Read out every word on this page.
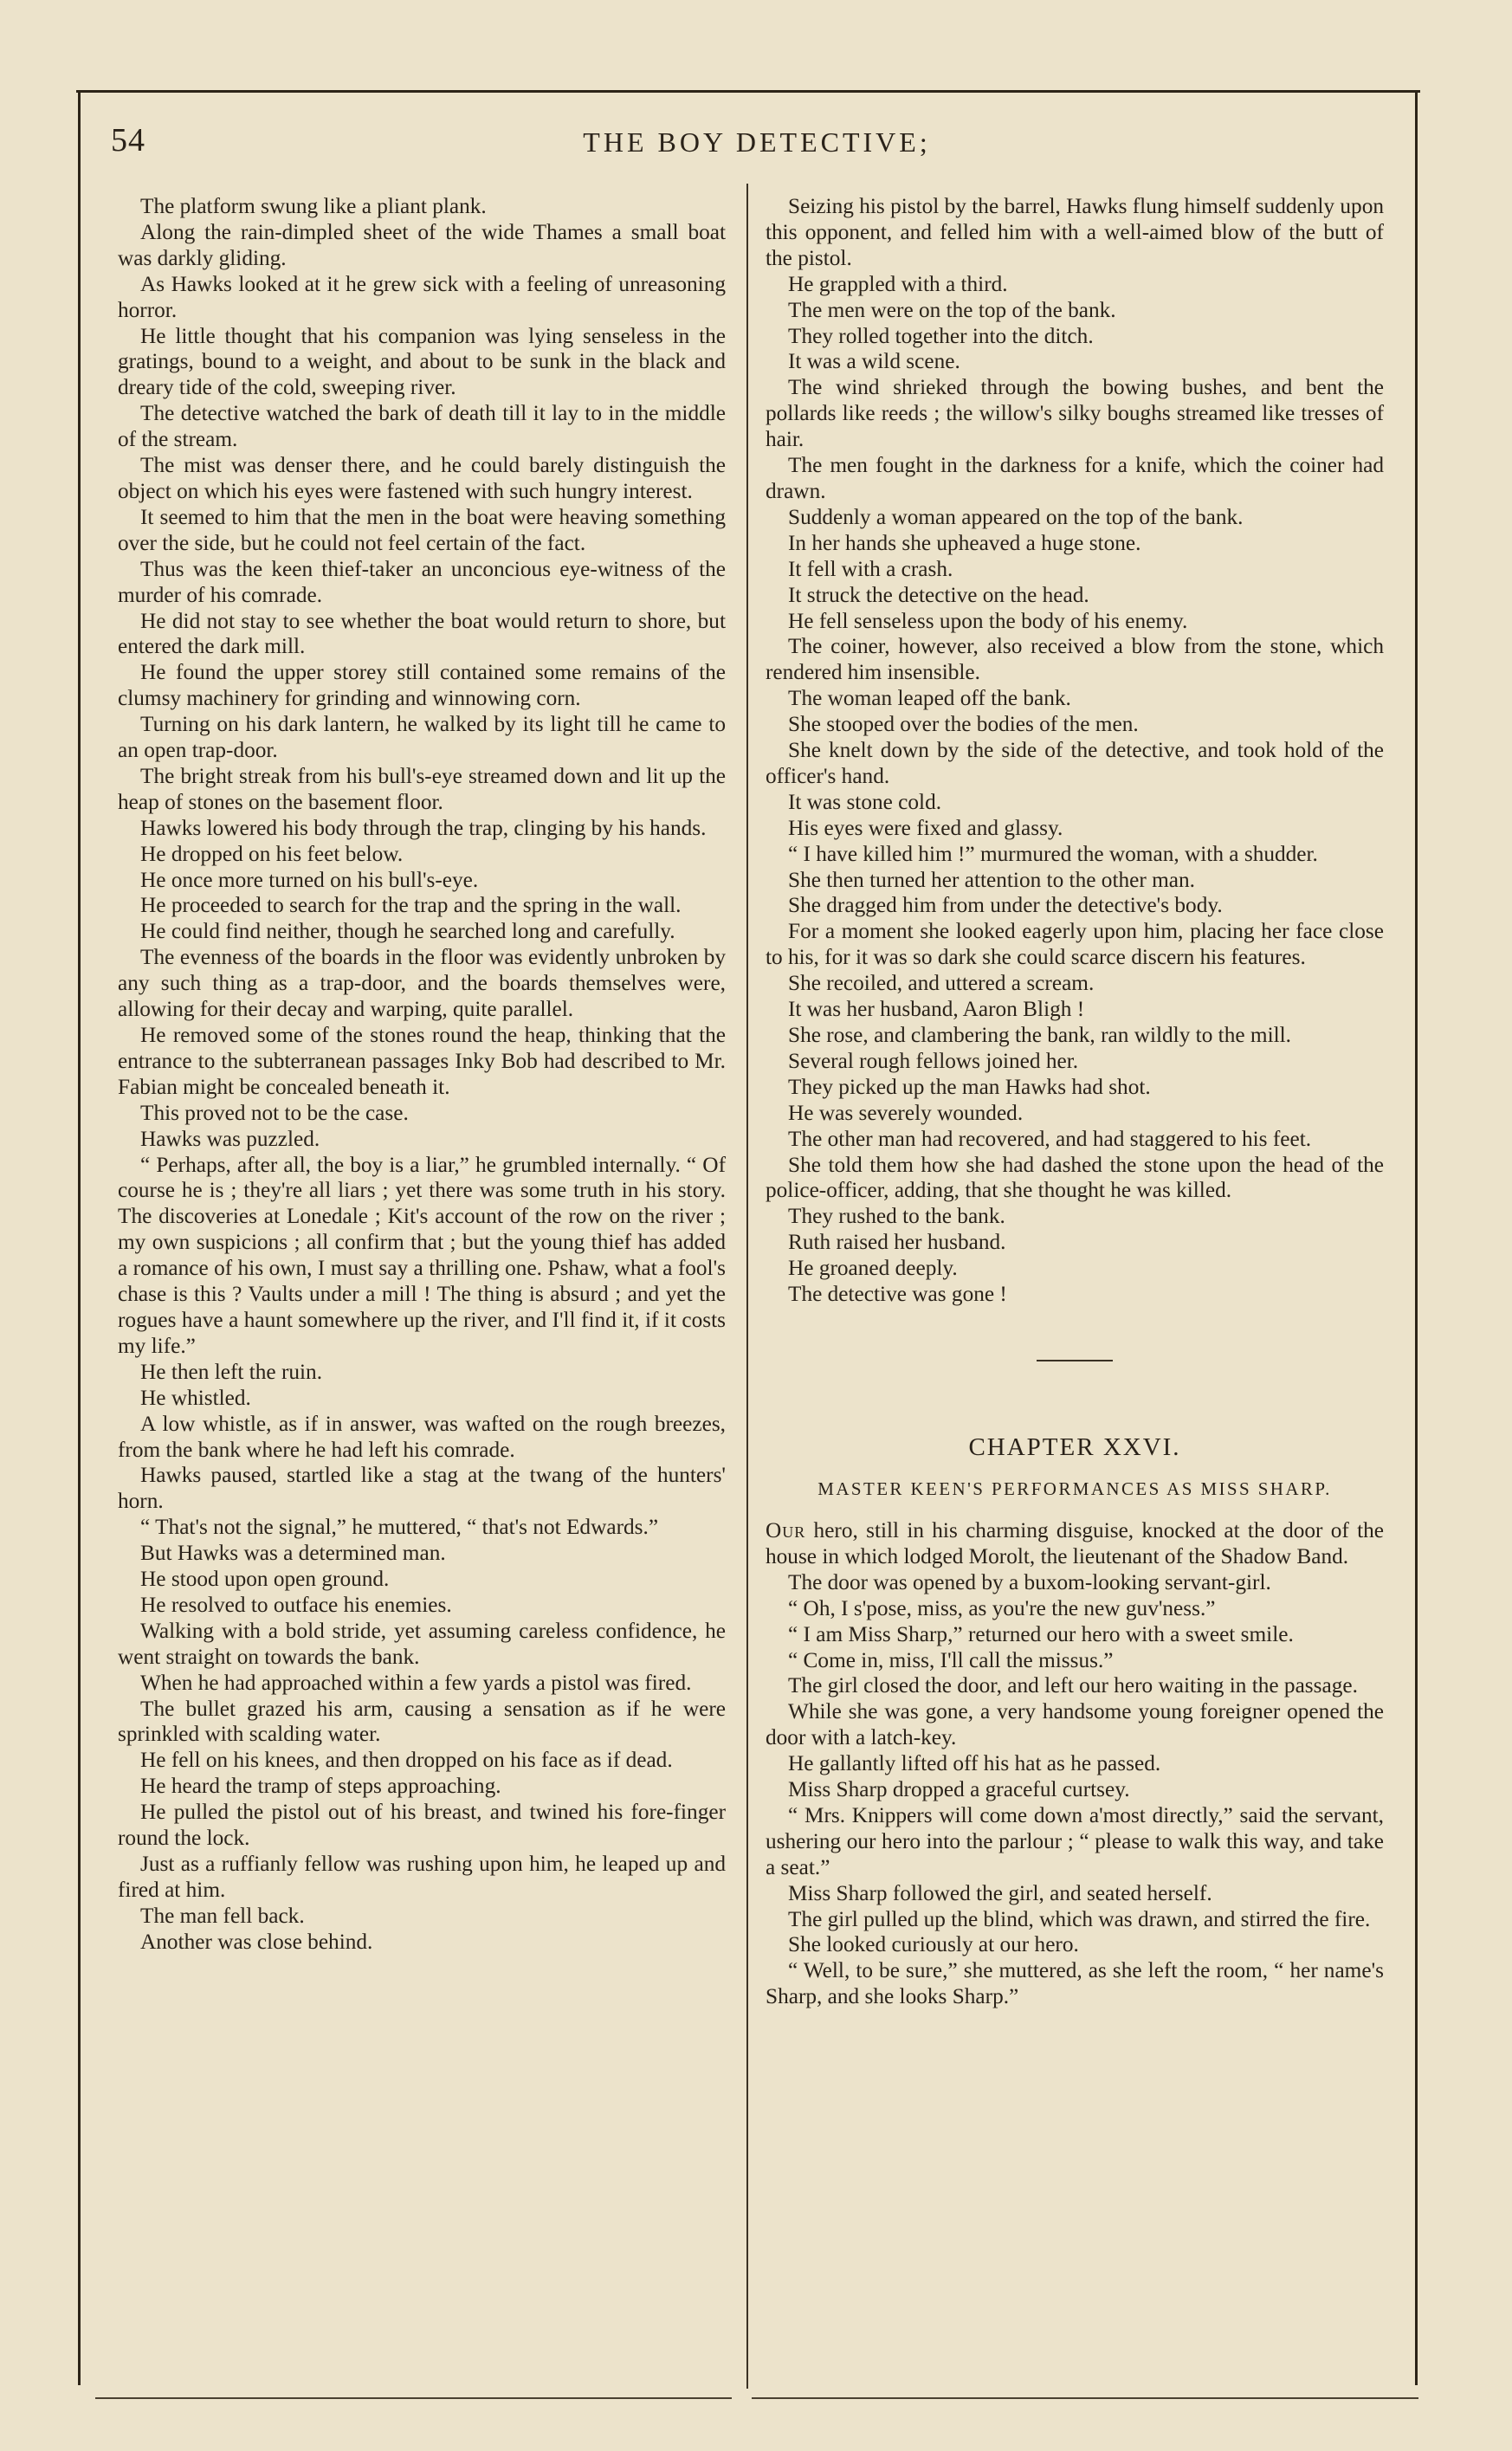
54	THE BOY DETECTIVE;

The platform swung like a pliant plank.

Along the rain-dimpled sheet of the wide Thames a small boat was darkly gliding.

As Hawks looked at it he grew sick with a feeling of unreasoning horror.

He little thought that his companion was lying senseless in the gratings, bound to a weight, and about to be sunk in the black and dreary tide of the cold, sweeping river.

The detective watched the bark of death till it lay to in the middle of the stream.

The mist was denser there, and he could barely distinguish the object on which his eyes were fastened with such hungry interest.

It seemed to him that the men in the boat were heaving something over the side, but he could not feel certain of the fact.

Thus was the keen thief-taker an unconcious eye-witness of the murder of his comrade.

He did not stay to see whether the boat would return to shore, but entered the dark mill.

He found the upper storey still contained some remains of the clumsy machinery for grinding and winnowing corn.

Turning on his dark lantern, he walked by its light till he came to an open trap-door.

The bright streak from his bull's-eye streamed down and lit up the heap of stones on the basement floor.

Hawks lowered his body through the trap, clinging by his hands.

He dropped on his feet below.

He once more turned on his bull's-eye.

He proceeded to search for the trap and the spring in the wall.

He could find neither, though he searched long and carefully.

The evenness of the boards in the floor was evidently unbroken by any such thing as a trap-door, and the boards themselves were, allowing for their decay and warping, quite parallel.

He removed some of the stones round the heap, thinking that the entrance to the subterranean passages Inky Bob had described to Mr. Fabian might be concealed beneath it.

This proved not to be the case.

Hawks was puzzled.

“ Perhaps, after all, the boy is a liar,” he grumbled internally. “ Of course he is ; they're all liars ; yet there was some truth in his story. The discoveries at Lonedale ; Kit's account of the row on the river ; my own suspicions ; all confirm that ; but the young thief has added a romance of his own, I must say a thrilling one. Pshaw, what a fool's chase is this ? Vaults under a mill ! The thing is absurd ; and yet the rogues have a haunt somewhere up the river, and I'll find it, if it costs my life.”

He then left the ruin.

He whistled.

A low whistle, as if in answer, was wafted on the rough breezes, from the bank where he had left his comrade.

Hawks paused, startled like a stag at the twang of the hunters' horn.

“ That's not the signal,” he muttered, “ that's not Edwards.”

But Hawks was a determined man.

He stood upon open ground.

He resolved to outface his enemies.

Walking with a bold stride, yet assuming careless confidence, he went straight on towards the bank.

When he had approached within a few yards a pistol was fired.

The bullet grazed his arm, causing a sensation as if he were sprinkled with scalding water.

He fell on his knees, and then dropped on his face as if dead.

He heard the tramp of steps approaching.

He pulled the pistol out of his breast, and twined his fore-finger round the lock.

Just as a ruffianly fellow was rushing upon him, he leaped up and fired at him.

The man fell back.

Another was close behind.

Seizing his pistol by the barrel, Hawks flung himself suddenly upon this opponent, and felled him with a well-aimed blow of the butt of the pistol.

He grappled with a third.

The men were on the top of the bank.

They rolled together into the ditch.

It was a wild scene.

The wind shrieked through the bowing bushes, and bent the pollards like reeds ; the willow's silky boughs streamed like tresses of hair.

The men fought in the darkness for a knife, which the coiner had drawn.

Suddenly a woman appeared on the top of the bank.

In her hands she upheaved a huge stone.

It fell with a crash.

It struck the detective on the head.

He fell senseless upon the body of his enemy.

The coiner, however, also received a blow from the stone, which rendered him insensible.

The woman leaped off the bank.

She stooped over the bodies of the men.

She knelt down by the side of the detective, and took hold of the officer's hand.

It was stone cold.

His eyes were fixed and glassy.

“ I have killed him !” murmured the woman, with a shudder.

She then turned her attention to the other man.

She dragged him from under the detective's body.

For a moment she looked eagerly upon him, placing her face close to his, for it was so dark she could scarce discern his features.

She recoiled, and uttered a scream.

It was her husband, Aaron Bligh !

She rose, and clambering the bank, ran wildly to the mill.

Several rough fellows joined her.

They picked up the man Hawks had shot.

He was severely wounded.

The other man had recovered, and had staggered to his feet.

She told them how she had dashed the stone upon the head of the police-officer, adding, that she thought he was killed.

They rushed to the bank.

Ruth raised her husband.

He groaned deeply.

The detective was gone !

CHAPTER XXVI.
MASTER KEEN'S PERFORMANCES AS MISS SHARP.

Our hero, still in his charming disguise, knocked at the door of the house in which lodged Morolt, the lieutenant of the Shadow Band.

The door was opened by a buxom-looking servant-girl.

“ Oh, I s'pose, miss, as you're the new guv'ness.”

“ I am Miss Sharp,” returned our hero with a sweet smile.

“ Come in, miss, I'll call the missus.”

The girl closed the door, and left our hero waiting in the passage.

While she was gone, a very handsome young foreigner opened the door with a latch-key.

He gallantly lifted off his hat as he passed.

Miss Sharp dropped a graceful curtsey.

“ Mrs. Knippers will come down a'most directly,” said the servant, ushering our hero into the parlour ; “ please to walk this way, and take a seat.”

Miss Sharp followed the girl, and seated herself.

The girl pulled up the blind, which was drawn, and stirred the fire.

She looked curiously at our hero.

“ Well, to be sure,” she muttered, as she left the room, “ her name's Sharp, and she looks Sharp.”
